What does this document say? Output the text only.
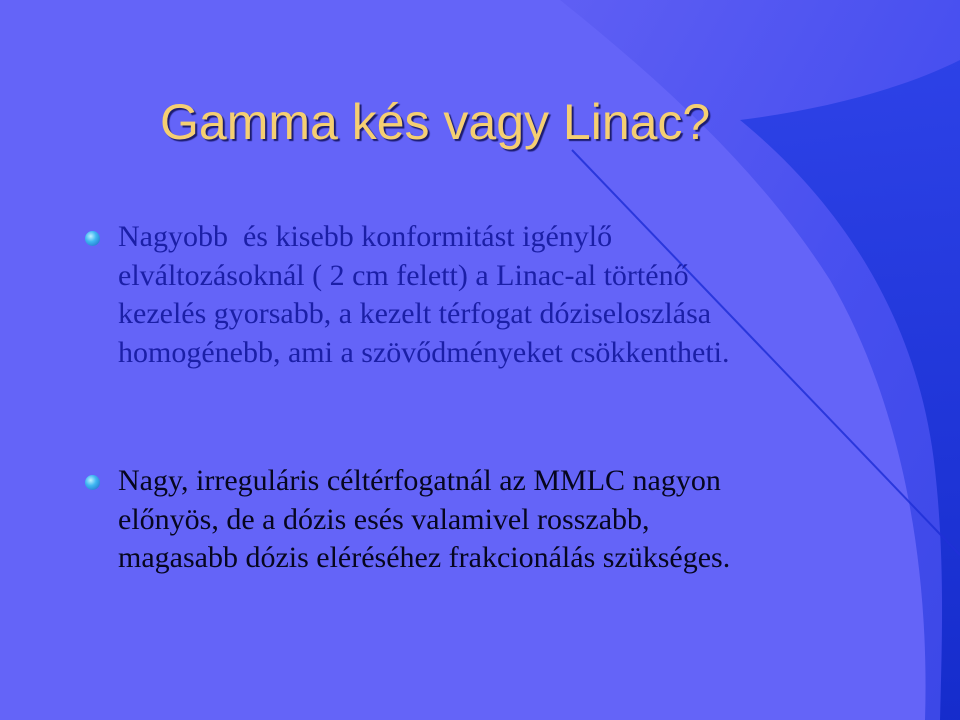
Gamma kés vagy Linac?
Nagyobb  és kisebb konformitást igénylő
elváltozásoknál ( 2 cm felett) a Linac-al történő
kezelés gyorsabb, a kezelt térfogat dóziseloszlása
homogénebb, ami a szövődményeket csökkentheti.
Nagy, irreguláris céltérfogatnál az MMLC nagyon
előnyös, de a dózis esés valamivel rosszabb,
magasabb dózis eléréséhez frakcionálás szükséges.
